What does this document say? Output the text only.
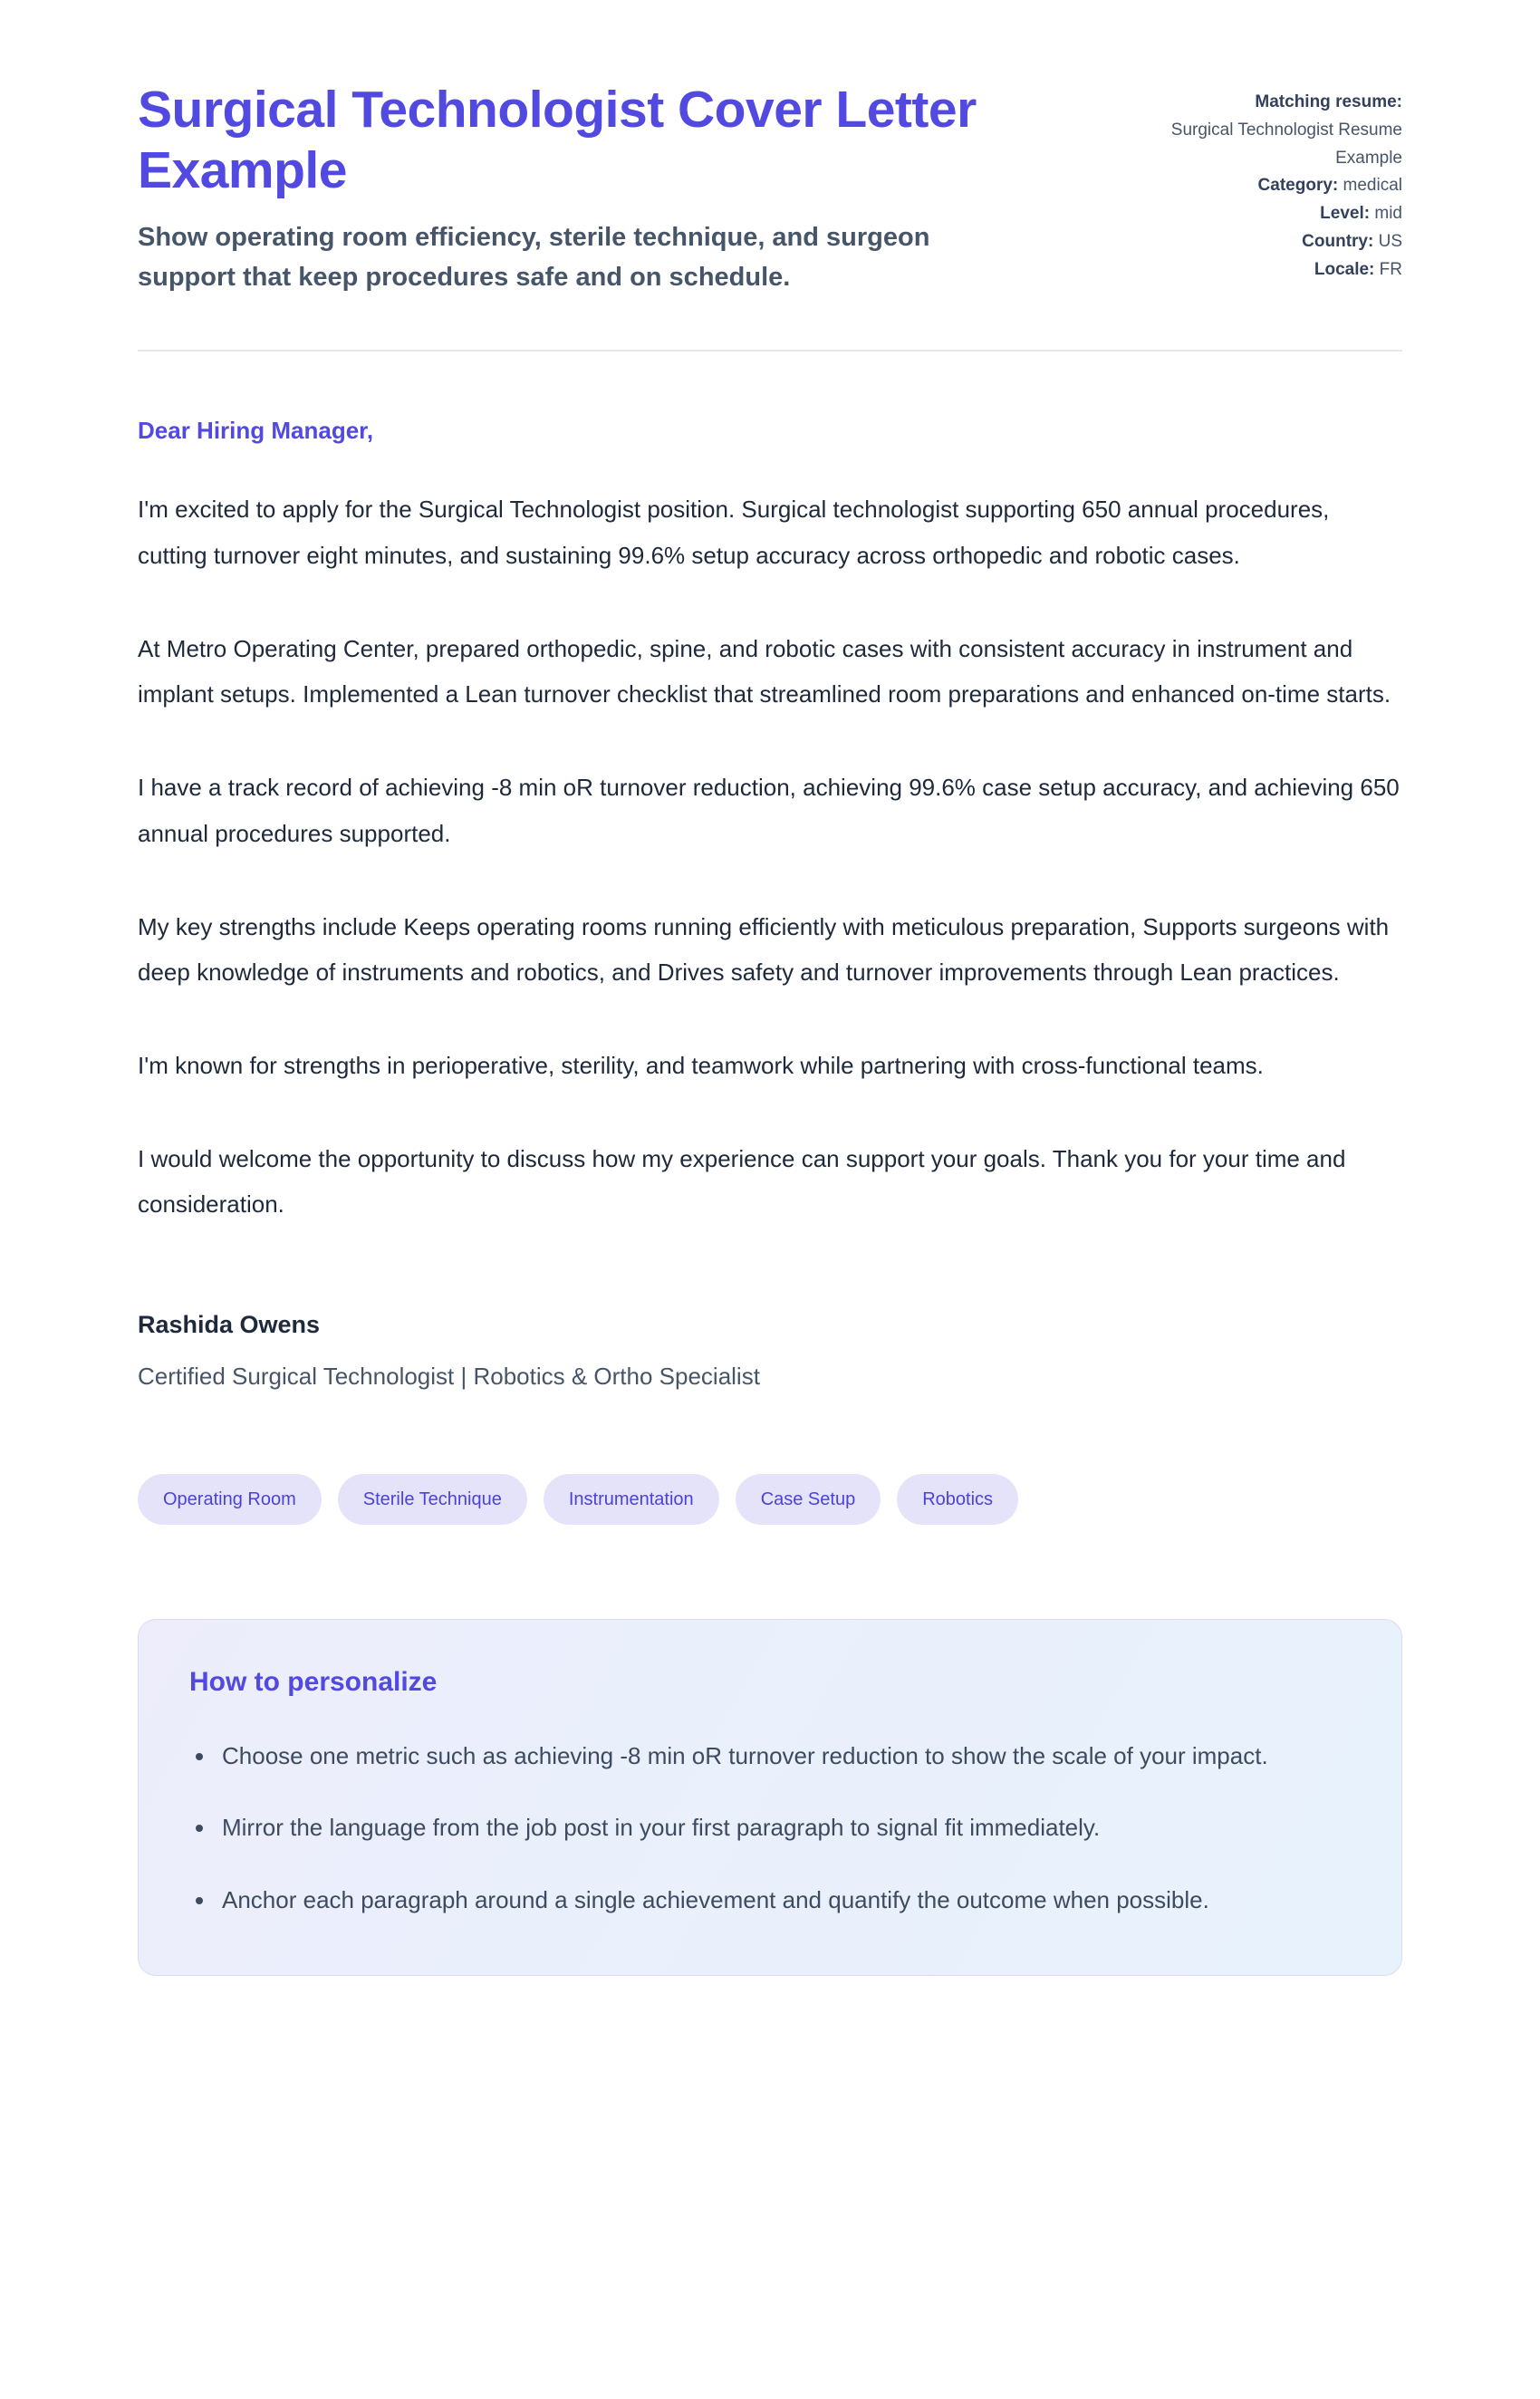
Surgical Technologist Cover Letter Example

Show operating room efficiency, sterile technique, and surgeon support that keep procedures safe and on schedule.

Matching resume:
Surgical Technologist Resume Example
Category: medical
Level: mid
Country: US
Locale: FR

Dear Hiring Manager,

I'm excited to apply for the Surgical Technologist position. Surgical technologist supporting 650 annual procedures, cutting turnover eight minutes, and sustaining 99.6% setup accuracy across orthopedic and robotic cases.

At Metro Operating Center, prepared orthopedic, spine, and robotic cases with consistent accuracy in instrument and implant setups. Implemented a Lean turnover checklist that streamlined room preparations and enhanced on-time starts.

I have a track record of achieving -8 min oR turnover reduction, achieving 99.6% case setup accuracy, and achieving 650 annual procedures supported.

My key strengths include Keeps operating rooms running efficiently with meticulous preparation, Supports surgeons with deep knowledge of instruments and robotics, and Drives safety and turnover improvements through Lean practices.

I'm known for strengths in perioperative, sterility, and teamwork while partnering with cross-functional teams.

I would welcome the opportunity to discuss how my experience can support your goals. Thank you for your time and consideration.

Rashida Owens

Certified Surgical Technologist | Robotics & Ortho Specialist

Operating Room	Sterile Technique	Instrumentation	Case Setup	Robotics
How to personalize
• Choose one metric such as achieving -8 min oR turnover reduction to show the scale of your impact.
• Mirror the language from the job post in your first paragraph to signal fit immediately.
• Anchor each paragraph around a single achievement and quantify the outcome when possible.
